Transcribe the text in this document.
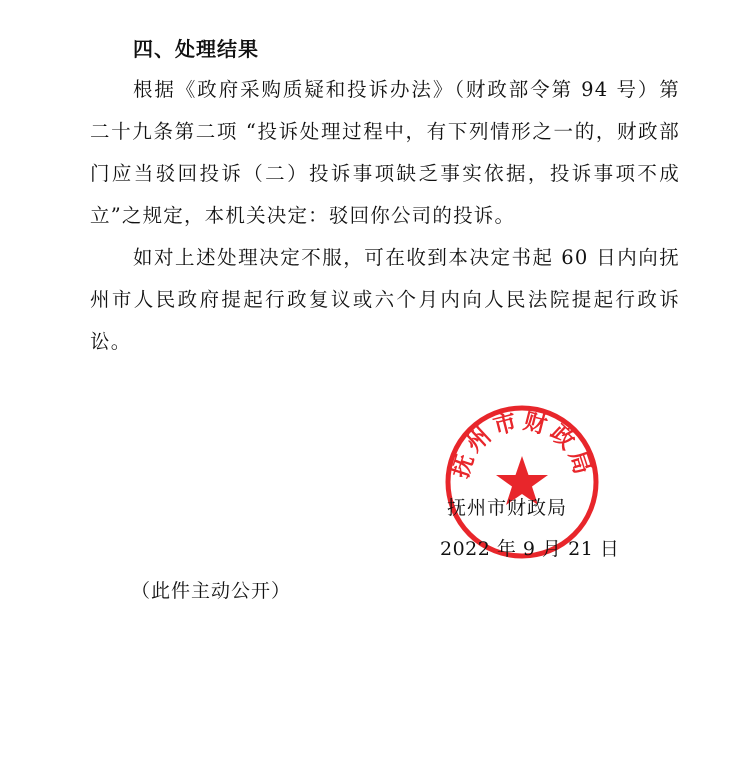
四、处理结果
根据《政府采购质疑和投诉办法》（财政部令第 94 号）第二十九条第二项 “投诉处理过程中，有下列情形之一的，财政部门应当驳回投诉（二）投诉事项缺乏事实依据，投诉事项不成立”之规定，本机关决定：驳回你公司的投诉。
如对上述处理决定不服，可在收到本决定书起 60 日内向抚州市人民政府提起行政复议或六个月内向人民法院提起行政诉讼。
抚州市财政局
抚州市财政局
2022 年 9 月 21 日
（此件主动公开）
